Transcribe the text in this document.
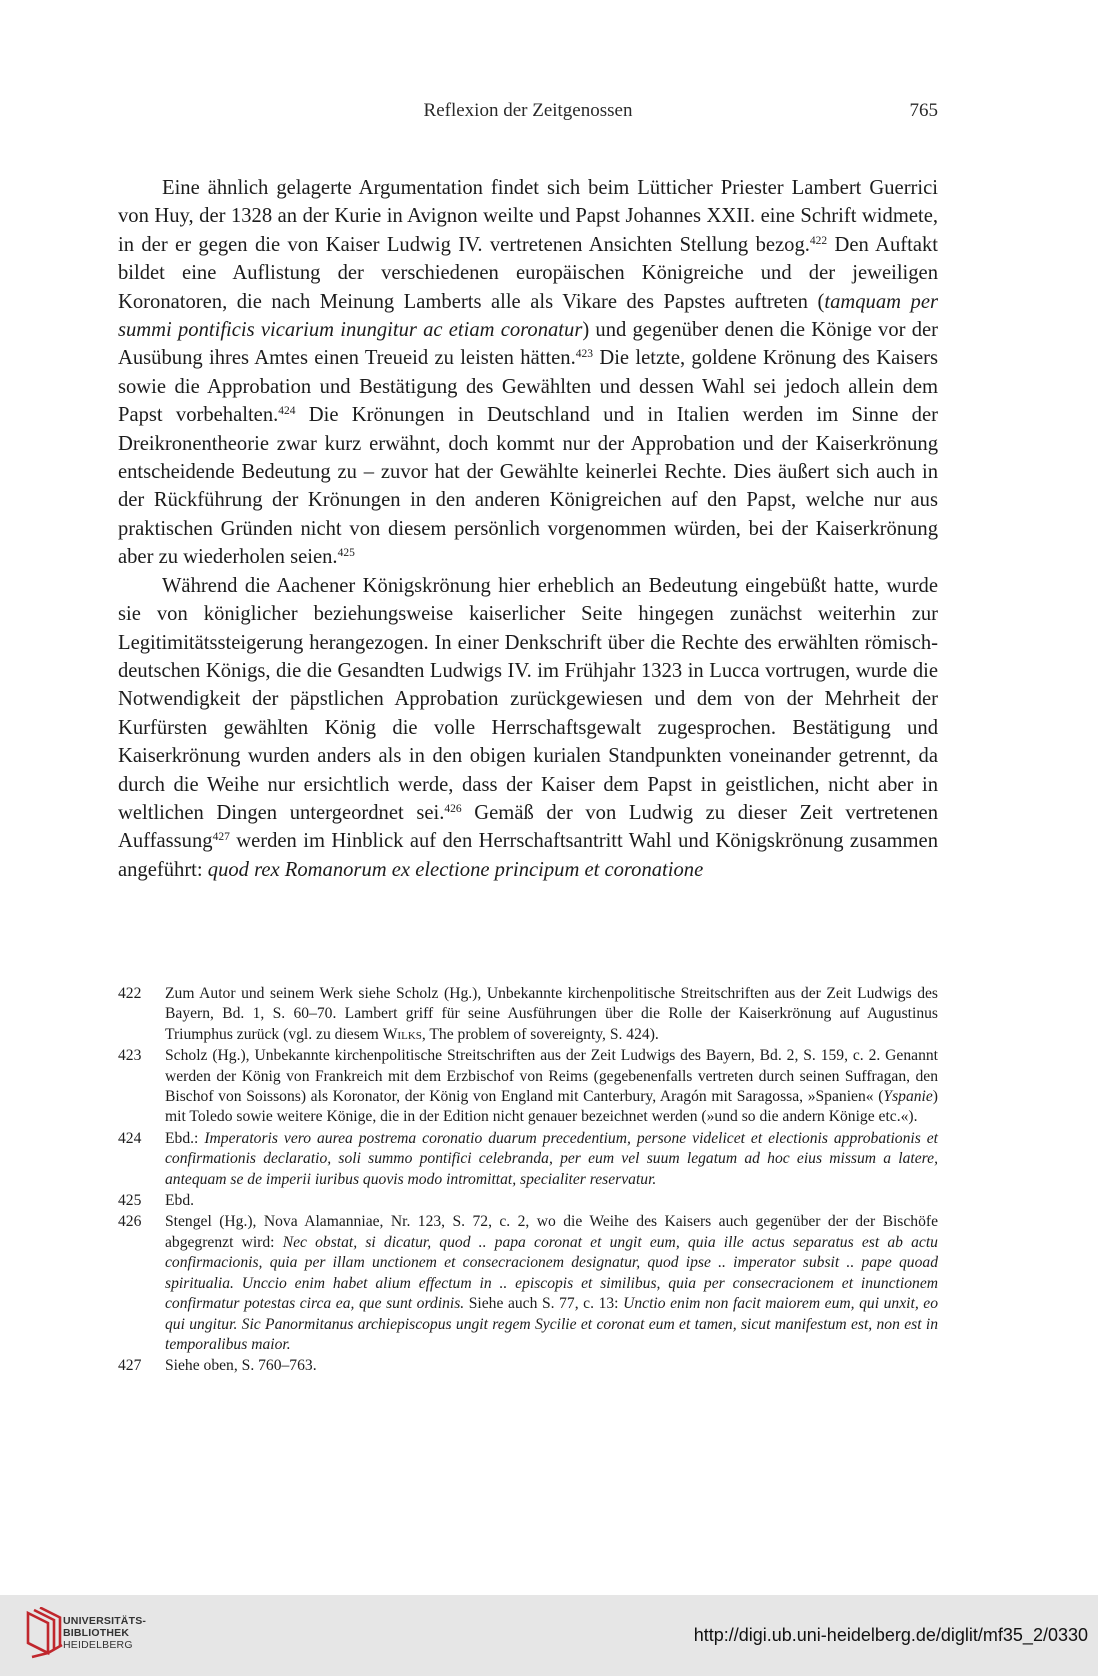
Reflexion der Zeitgenossen	765

Eine ähnlich gelagerte Argumentation findet sich beim Lütticher Priester Lambert Guerrici von Huy, der 1328 an der Kurie in Avignon weilte und Papst Johannes XXII. eine Schrift widmete, in der er gegen die von Kaiser Ludwig IV. vertretenen Ansichten Stellung bezog.$^{422}$ Den Auftakt bildet eine Auflistung der verschiedenen europäischen Königreiche und der jeweiligen Koronatoren, die nach Meinung Lamberts alle als Vikare des Papstes auftreten (tamquam per summi pontificis vicarium inungitur ac etiam coronatur) und gegenüber denen die Könige vor der Ausübung ihres Amtes einen Treueid zu leisten hätten.$^{423}$ Die letzte, goldene Krönung des Kaisers sowie die Approbation und Bestätigung des Gewählten und dessen Wahl sei jedoch allein dem Papst vorbehalten.$^{424}$ Die Krönungen in Deutschland und in Italien werden im Sinne der Dreikronentheorie zwar kurz erwähnt, doch kommt nur der Approbation und der Kaiserkrönung entscheidende Bedeutung zu – zuvor hat der Gewählte keinerlei Rechte. Dies äußert sich auch in der Rückführung der Krönungen in den anderen Königreichen auf den Papst, welche nur aus praktischen Gründen nicht von diesem persönlich vorgenommen würden, bei der Kaiserkrönung aber zu wiederholen seien.$^{425}$

Während die Aachener Königskrönung hier erheblich an Bedeutung eingebüßt hatte, wurde sie von königlicher beziehungsweise kaiserlicher Seite hingegen zunächst weiterhin zur Legitimitätssteigerung herangezogen. In einer Denkschrift über die Rechte des erwählten römisch-deutschen Königs, die die Gesandten Ludwigs IV. im Frühjahr 1323 in Lucca vortrugen, wurde die Notwendigkeit der päpstlichen Approbation zurückgewiesen und dem von der Mehrheit der Kurfürsten gewählten König die volle Herrschaftsgewalt zugesprochen. Bestätigung und Kaiserkrönung wurden anders als in den obigen kurialen Standpunkten voneinander getrennt, da durch die Weihe nur ersichtlich werde, dass der Kaiser dem Papst in geistlichen, nicht aber in weltlichen Dingen untergeordnet sei.$^{426}$ Gemäß der von Ludwig zu dieser Zeit vertretenen Auffassung$^{427}$ werden im Hinblick auf den Herrschaftsantritt Wahl und Königskrönung zusammen angeführt: quod rex Romanorum ex electione principum et coronatione

422 Zum Autor und seinem Werk siehe Scholz (Hg.), Unbekannte kirchenpolitische Streitschriften aus der Zeit Ludwigs des Bayern, Bd. 1, S. 60–70. Lambert griff für seine Ausführungen über die Rolle der Kaiserkrönung auf Augustinus Triumphus zurück (vgl. zu diesem Wilks, The problem of sovereignty, S. 424).
423 Scholz (Hg.), Unbekannte kirchenpolitische Streitschriften aus der Zeit Ludwigs des Bayern, Bd. 2, S. 159, c. 2. Genannt werden der König von Frankreich mit dem Erzbischof von Reims (gegebenenfalls vertreten durch seinen Suffragan, den Bischof von Soissons) als Koronator, der König von England mit Canterbury, Aragón mit Saragossa, »Spanien« (Yspanie) mit Toledo sowie weitere Könige, die in der Edition nicht genauer bezeichnet werden (»und so die andern Könige etc.«).
424 Ebd.: Imperatoris vero aurea postrema coronatio duarum precedentium, persone videlicet et electionis approbationis et confirmationis declaratio, soli summo pontifici celebranda, per eum vel suum legatum ad hoc eius missum a latere, antequam se de imperii iuribus quovis modo intromittat, specialiter reservatur.
425 Ebd.
426 Stengel (Hg.), Nova Alamanniae, Nr. 123, S. 72, c. 2, wo die Weihe des Kaisers auch gegenüber der der Bischöfe abgegrenzt wird: Nec obstat, si dicatur, quod .. papa coronat et ungit eum, quia ille actus separatus est ab actu confirmacionis, quia per illam unctionem et consecracionem designatur, quod ipse .. imperator subsit .. pape quoad spiritualia. Unccio enim habet alium effectum in .. episcopis et similibus, quia per consecracionem et inunctionem confirmatur potestas circa ea, que sunt ordinis. Siehe auch S. 77, c. 13: Unctio enim non facit maiorem eum, qui unxit, eo qui ungitur. Sic Panormitanus archiepiscopus ungit regem Sycilie et coronat eum et tamen, sicut manifestum est, non est in temporalibus maior.
427 Siehe oben, S. 760–763.
UNIVERSITÄTS-
BIBLIOTHEK
HEIDELBERG	http://digi.ub.uni-heidelberg.de/diglit/mf35_2/0330
